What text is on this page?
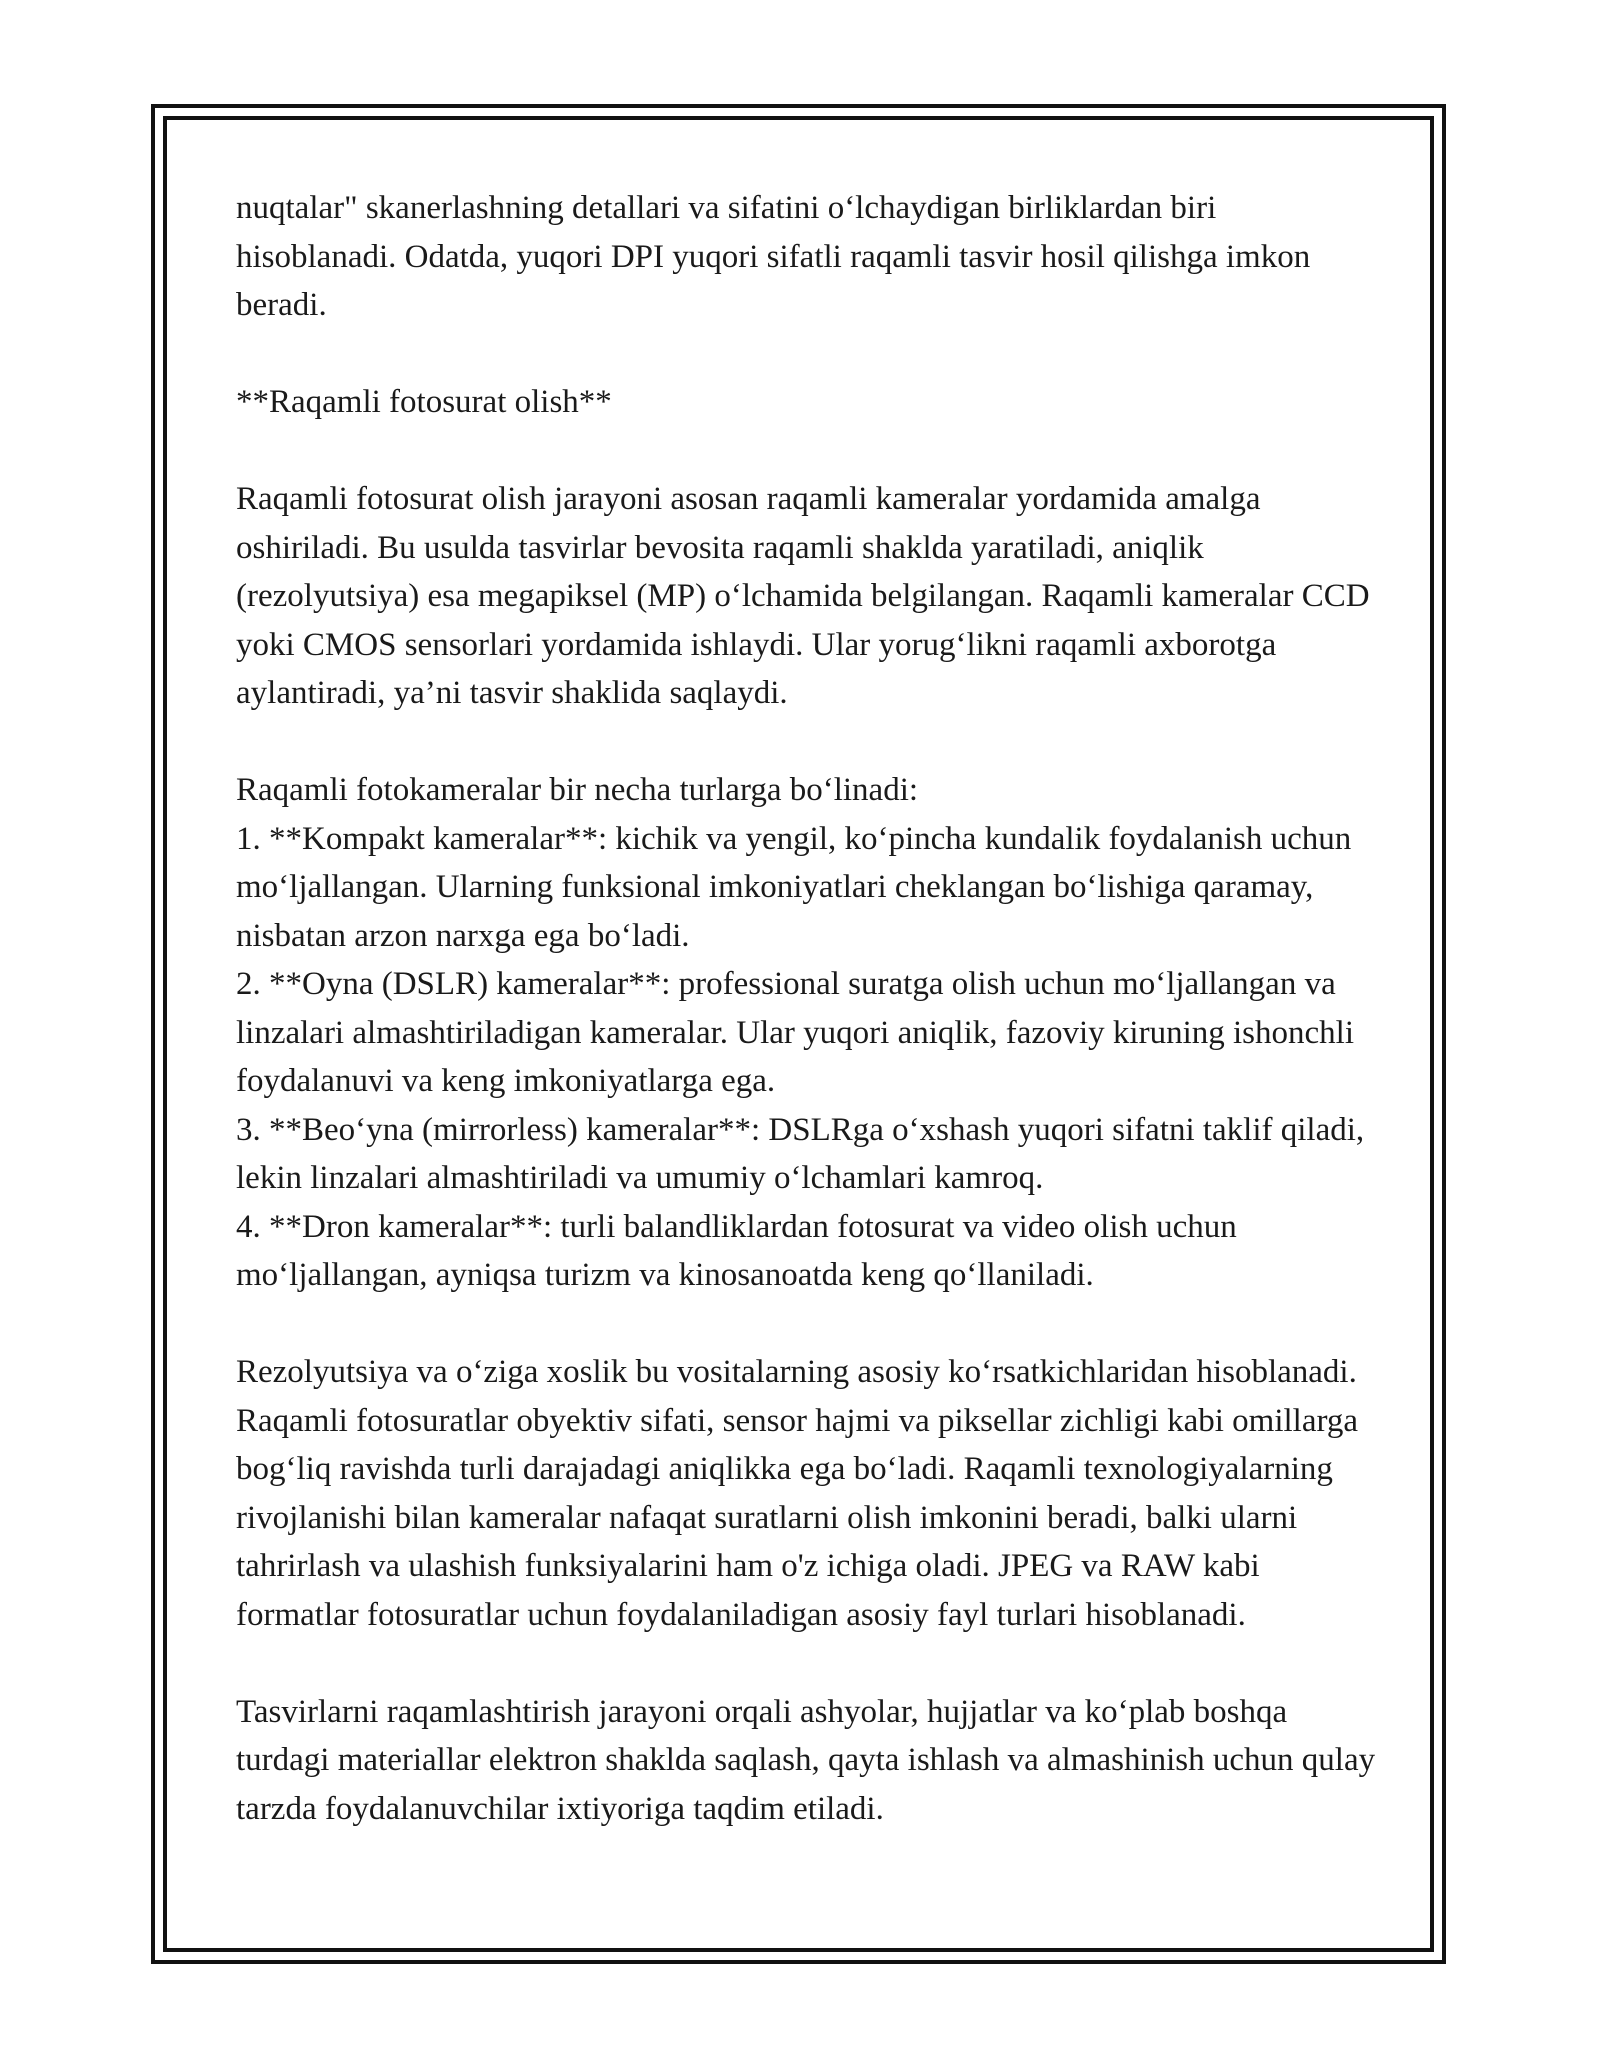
nuqtalar" skanerlashning detallari va sifatini o‘lchaydigan birliklardan biri hisoblanadi. Odatda, yuqori DPI yuqori sifatli raqamli tasvir hosil qilishga imkon beradi.

**Raqamli fotosurat olish**

Raqamli fotosurat olish jarayoni asosan raqamli kameralar yordamida amalga oshiriladi. Bu usulda tasvirlar bevosita raqamli shaklda yaratiladi, aniqlik (rezolyutsiya) esa megapiksel (MP) o‘lchamida belgilangan. Raqamli kameralar CCD yoki CMOS sensorlari yordamida ishlaydi. Ular yorug‘likni raqamli axborotga aylantiradi, ya’ni tasvir shaklida saqlaydi.

Raqamli fotokameralar bir necha turlarga bo‘linadi:

1. **Kompakt kameralar**: kichik va yengil, ko‘pincha kundalik foydalanish uchun mo‘ljallangan. Ularning funksional imkoniyatlari cheklangan bo‘lishiga qaramay, nisbatan arzon narxga ega bo‘ladi.
2. **Oyna (DSLR) kameralar**: professional suratga olish uchun mo‘ljallangan va linzalari almashtiriladigan kameralar. Ular yuqori aniqlik, fazoviy kiruning ishonchli foydalanuvi va keng imkoniyatlarga ega.
3. **Beo‘yna (mirrorless) kameralar**: DSLRga o‘xshash yuqori sifatni taklif qiladi, lekin linzalari almashtiriladi va umumiy o‘lchamlari kamroq.
4. **Dron kameralar**: turli balandliklardan fotosurat va video olish uchun mo‘ljallangan, ayniqsa turizm va kinosanoatda keng qo‘llaniladi.

Rezolyutsiya va o‘ziga xoslik bu vositalarning asosiy ko‘rsatkichlaridan hisoblanadi. Raqamli fotosuratlar obyektiv sifati, sensor hajmi va piksellar zichligi kabi omillarga bog‘liq ravishda turli darajadagi aniqlikka ega bo‘ladi. Raqamli texnologiyalarning rivojlanishi bilan kameralar nafaqat suratlarni olish imkonini beradi, balki ularni tahrirlash va ulashish funksiyalarini ham o'z ichiga oladi. JPEG va RAW kabi formatlar fotosuratlar uchun foydalaniladigan asosiy fayl turlari hisoblanadi.

Tasvirlarni raqamlashtirish jarayoni orqali ashyolar, hujjatlar va ko‘plab boshqa turdagi materiallar elektron shaklda saqlash, qayta ishlash va almashinish uchun qulay tarzda foydalanuvchilar ixtiyoriga taqdim etiladi.
